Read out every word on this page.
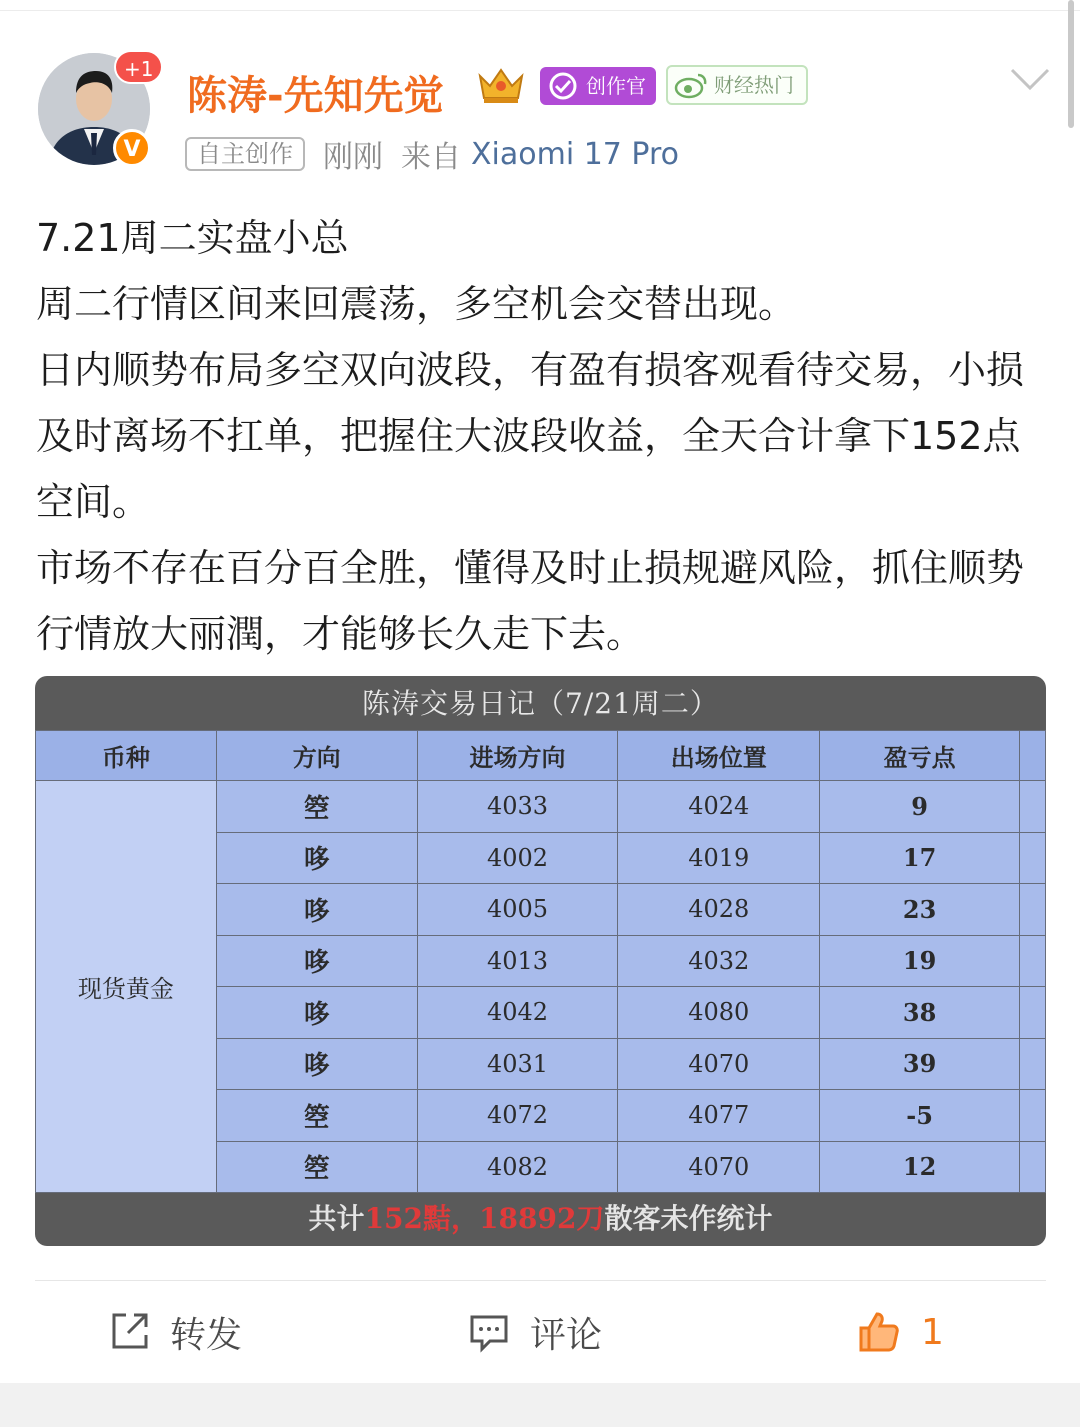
+1
V
陈涛-先知先觉	创作官	财经热门
自主创作	刚刚 来自 Xiaomi 17 Pro

7.21周二实盘小总

周二行情区间来回震荡，多空机会交替出现。

日内顺势布局多空双向波段，有盈有损客观看待交易，小损及时离场不扛单，把握住大波段收益，全天合计拿下152点空间。

市场不存在百分百全胜，懂得及时止损规避风险，抓住顺势行情放大丽潤，才能够长久走下去。

陈涛交易日记（7/21周二）
币种	方向	进场方向	出场位置	盈亏点	
现货黄金	箜	4033	4024	9	
	哆	4002	4019	17	
	哆	4005	4028	23	
	哆	4013	4032	19	
	哆	4042	4080	38	
	哆	4031	4070	39	
	箜	4072	4077	-5	
	箜	4082	4070	12	
共计152黠，18892刀散客未作统计
转发	评论	1
